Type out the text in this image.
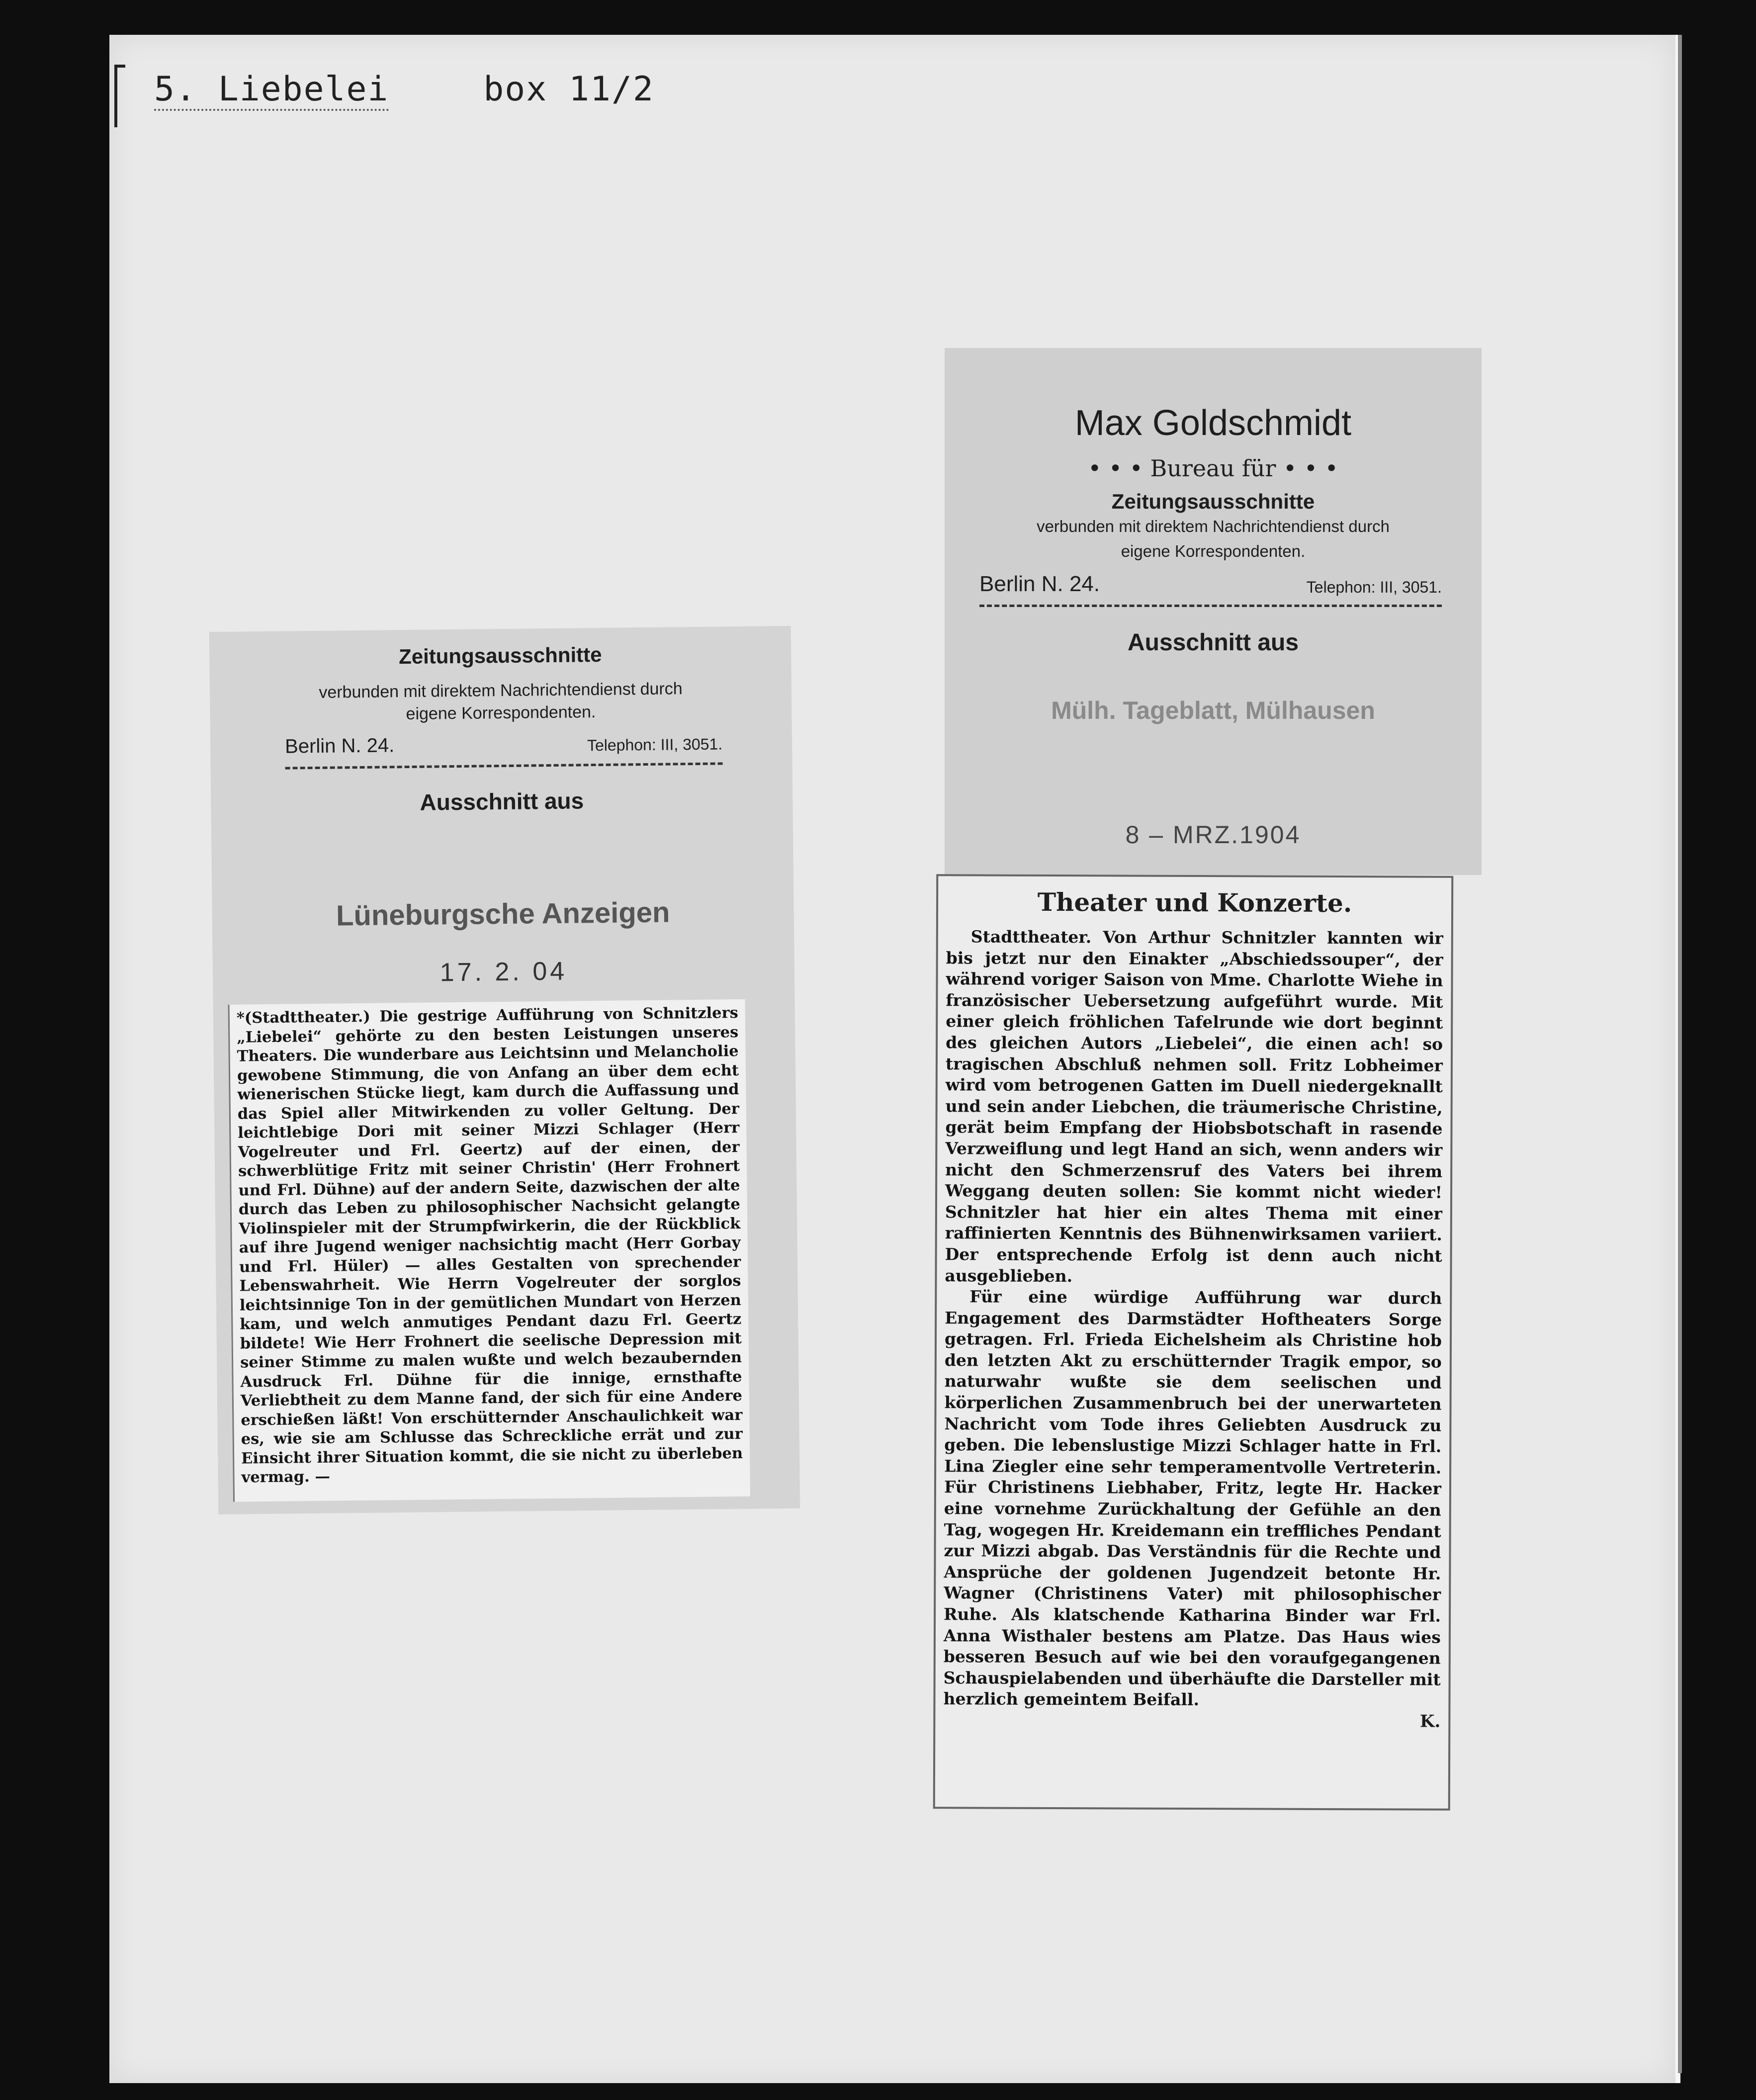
5. Liebelei	box 11/2
Zeitungsausschnitte
verbunden mit direktem Nachrichtendienst durch
eigene Korrespondenten.
Berlin N. 24.	Telephon: III, 3051.
Ausschnitt aus
Lüneburgsche Anzeigen
17. 2. 04
*(Stadttheater.) Die gestrige Aufführung von Schnitzlers „Liebelei“ gehörte zu den besten Leistungen unseres Theaters. Die wunderbare aus Leichtsinn und Melancholie gewobene Stimmung, die von Anfang an über dem echt wienerischen Stücke liegt, kam durch die Auffassung und das Spiel aller Mitwirkenden zu voller Geltung. Der leichtlebige Dori mit seiner Mizzi Schlager (Herr Vogelreuter und Frl. Geertz) auf der einen, der schwerblütige Fritz mit seiner Christin' (Herr Frohnert und Frl. Dühne) auf der andern Seite, dazwischen der alte durch das Leben zu philosophischer Nachsicht gelangte Violinspieler mit der Strumpfwirkerin, die der Rückblick auf ihre Jugend weniger nachsichtig macht (Herr Gorbay und Frl. Hüler) — alles Gestalten von sprechender Lebenswahrheit. Wie Herrn Vogelreuter der sorglos leichtsinnige Ton in der gemütlichen Mundart von Herzen kam, und welch anmutiges Pendant dazu Frl. Geertz bildete! Wie Herr Frohnert die seelische Depression mit seiner Stimme zu malen wußte und welch bezaubernden Ausdruck Frl. Dühne für die innige, ernsthafte Verliebtheit zu dem Manne fand, der sich für eine Andere erschießen läßt! Von erschütternder Anschaulichkeit war es, wie sie am Schlusse das Schreckliche errät und zur Einsicht ihrer Situation kommt, die sie nicht zu überleben vermag. —
Max Goldschmidt
• • • Bureau für • • •
Zeitungsausschnitte
verbunden mit direktem Nachrichtendienst durch
eigene Korrespondenten.
Berlin N. 24.	Telephon: III, 3051.
Ausschnitt aus
Mülh. Tageblatt, Mülhausen
8 – MRZ.1904
Theater und Konzerte.

Stadttheater. Von Arthur Schnitzler kannten wir bis jetzt nur den Einakter „Abschiedssouper“, der während voriger Saison von Mme. Charlotte Wiehe in französischer Uebersetzung aufgeführt wurde. Mit einer gleich fröhlichen Tafelrunde wie dort beginnt des gleichen Autors „Liebelei“, die einen ach! so tragischen Abschluß nehmen soll. Fritz Lobheimer wird vom betrogenen Gatten im Duell niedergeknallt und sein ander Liebchen, die träumerische Christine, gerät beim Empfang der Hiobsbotschaft in rasende Verzweiflung und legt Hand an sich, wenn anders wir nicht den Schmerzensruf des Vaters bei ihrem Weggang deuten sollen: Sie kommt nicht wieder! Schnitzler hat hier ein altes Thema mit einer raffinierten Kenntnis des Bühnenwirksamen variiert. Der entsprechende Erfolg ist denn auch nicht ausgeblieben.

Für eine würdige Aufführung war durch Engagement des Darmstädter Hoftheaters Sorge getragen. Frl. Frieda Eichelsheim als Christine hob den letzten Akt zu erschütternder Tragik empor, so naturwahr wußte sie dem seelischen und körperlichen Zusammenbruch bei der unerwarteten Nachricht vom Tode ihres Geliebten Ausdruck zu geben. Die lebenslustige Mizzi Schlager hatte in Frl. Lina Ziegler eine sehr temperamentvolle Vertreterin. Für Christinens Liebhaber, Fritz, legte Hr. Hacker eine vornehme Zurückhaltung der Gefühle an den Tag, wogegen Hr. Kreidemann ein treffliches Pendant zur Mizzi abgab. Das Verständnis für die Rechte und Ansprüche der goldenen Jugendzeit betonte Hr. Wagner (Christinens Vater) mit philosophischer Ruhe. Als klatschende Katharina Binder war Frl. Anna Wisthaler bestens am Platze. Das Haus wies besseren Besuch auf wie bei den voraufgegangenen Schauspielabenden und überhäufte die Darsteller mit herzlich gemeintem Beifall.

K.
